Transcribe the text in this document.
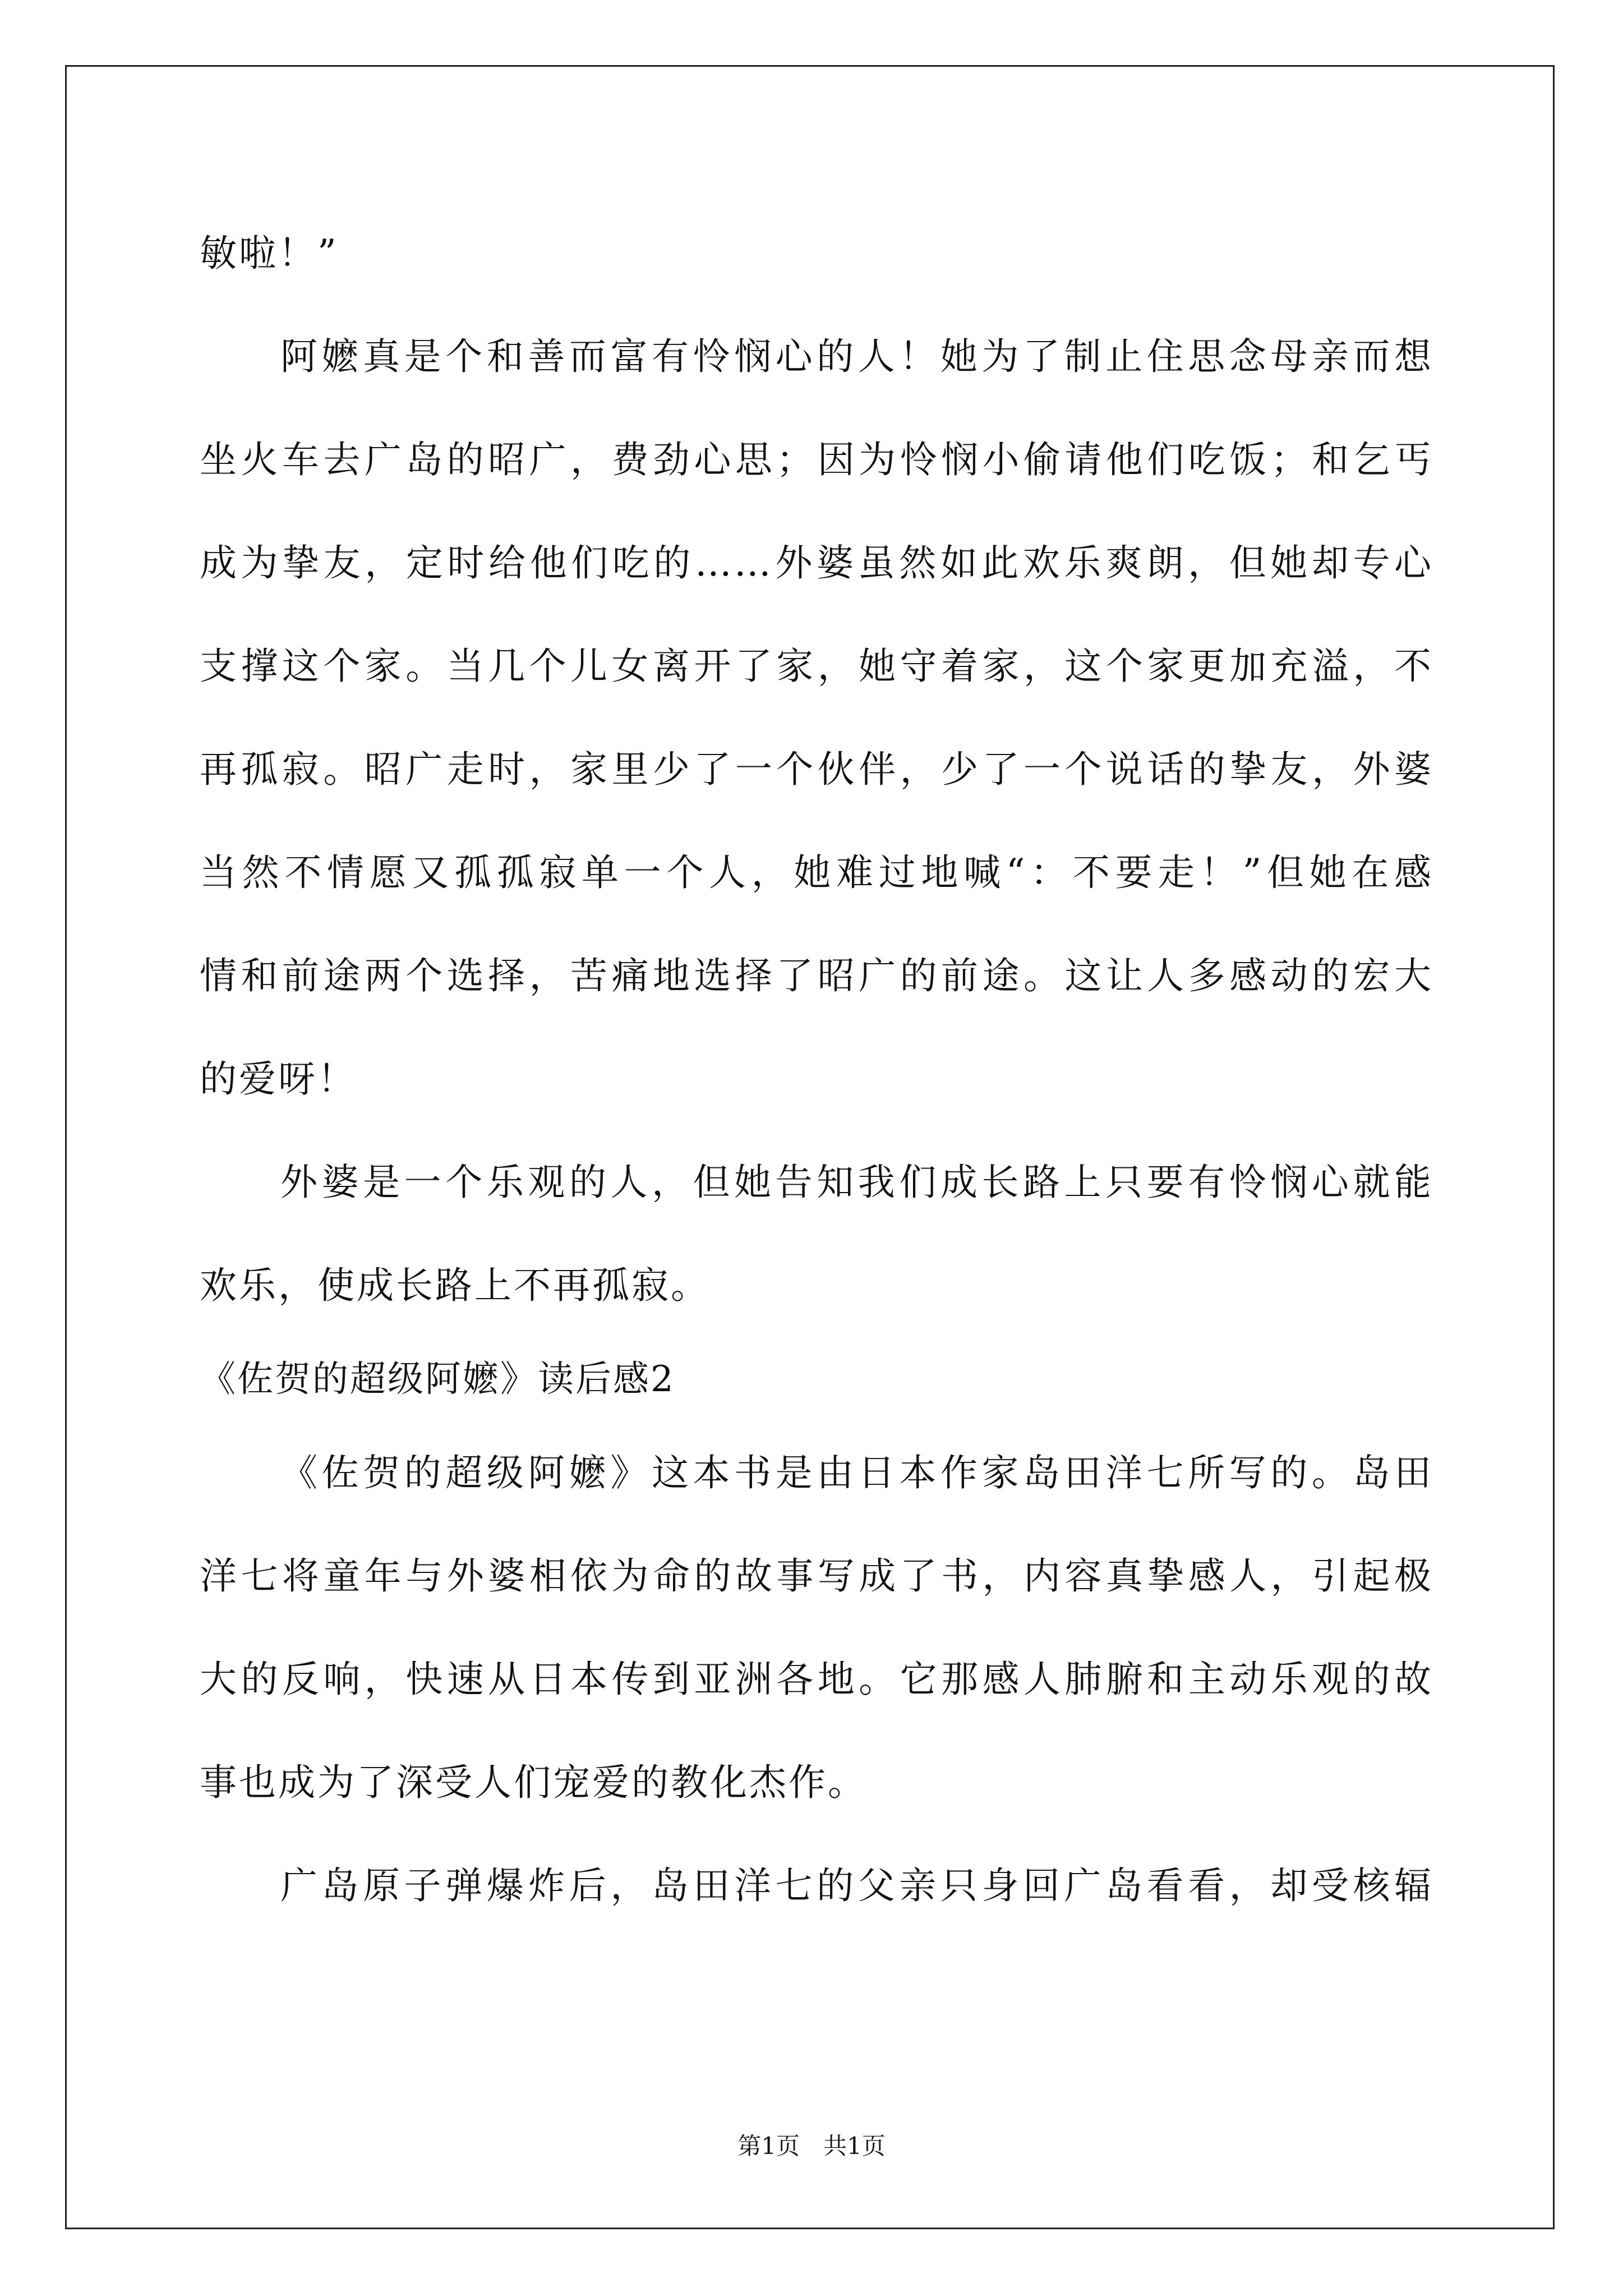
敏啦！”
阿嬷真是个和善而富有怜悯心的人！她为了制止住思念母亲而想
坐火车去广岛的昭广，费劲心思；因为怜悯小偷请他们吃饭；和乞丐
成为挚友，定时给他们吃的……外婆虽然如此欢乐爽朗，但她却专心
支撑这个家。当几个儿女离开了家，她守着家，这个家更加充溢，不
再孤寂。昭广走时，家里少了一个伙伴，少了一个说话的挚友，外婆
当然不情愿又孤孤寂单一个人，她难过地喊“：不要走！”但她在感
情和前途两个选择，苦痛地选择了昭广的前途。这让人多感动的宏大
的爱呀！
外婆是一个乐观的人，但她告知我们成长路上只要有怜悯心就能
欢乐，使成长路上不再孤寂。
《佐贺的超级阿嬷》读后感2
《佐贺的超级阿嬷》这本书是由日本作家岛田洋七所写的。岛田
洋七将童年与外婆相依为命的故事写成了书，内容真挚感人，引起极
大的反响，快速从日本传到亚洲各地。它那感人肺腑和主动乐观的故
事也成为了深受人们宠爱的教化杰作。
广岛原子弹爆炸后，岛田洋七的父亲只身回广岛看看，却受核辐
第1页　共1页
